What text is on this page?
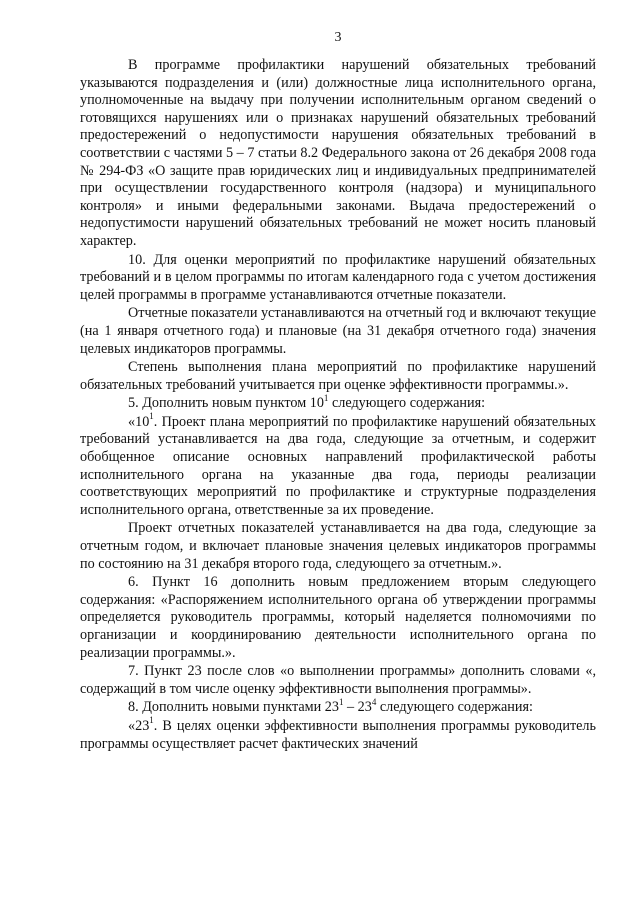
3

В программе профилактики нарушений обязательных требований указываются подразделения и (или) должностные лица исполнительного органа, уполномоченные на выдачу при получении исполнительным органом сведений о готовящихся нарушениях или о признаках нарушений обязательных требований предостережений о недопустимости нарушения обязательных требований в соответствии с частями 5 – 7 статьи 8.2 Федерального закона от 26 декабря 2008 года № 294-ФЗ «О защите прав юридических лиц и индивидуальных предпринимателей при осуществлении государственного контроля (надзора) и муниципального контроля» и иными федеральными законами. Выдача предостережений о недопустимости нарушений обязательных требований не может носить плановый характер.

10. Для оценки мероприятий по профилактике нарушений обязательных требований и в целом программы по итогам календарного года с учетом достижения целей программы в программе устанавливаются отчетные показатели.

Отчетные показатели устанавливаются на отчетный год и включают текущие (на 1 января отчетного года) и плановые (на 31 декабря отчетного года) значения целевых индикаторов программы.

Степень выполнения плана мероприятий по профилактике нарушений обязательных требований учитывается при оценке эффективности программы.».

5. Дополнить новым пунктом $10^1$ следующего содержания:

«$10^1$. Проект плана мероприятий по профилактике нарушений обязательных требований устанавливается на два года, следующие за отчетным, и содержит обобщенное описание основных направлений профилактической работы исполнительного органа на указанные два года, периоды реализации соответствующих мероприятий по профилактике и структурные подразделения исполнительного органа, ответственные за их проведение.

Проект отчетных показателей устанавливается на два года, следующие за отчетным годом, и включает плановые значения целевых индикаторов программы по состоянию на 31 декабря второго года, следующего за отчетным.».

6. Пункт 16 дополнить новым предложением вторым следующего содержания: «Распоряжением исполнительного органа об утверждении программы определяется руководитель программы, который наделяется полномочиями по организации и координированию деятельности исполнительного органа по реализации программы.».

7. Пункт 23 после слов «о выполнении программы» дополнить словами «, содержащий в том числе оценку эффективности выполнения программы».

8. Дополнить новыми пунктами $23^1 - 23^4$ следующего содержания:

«$23^1$. В целях оценки эффективности выполнения программы руководитель программы осуществляет расчет фактических значений
